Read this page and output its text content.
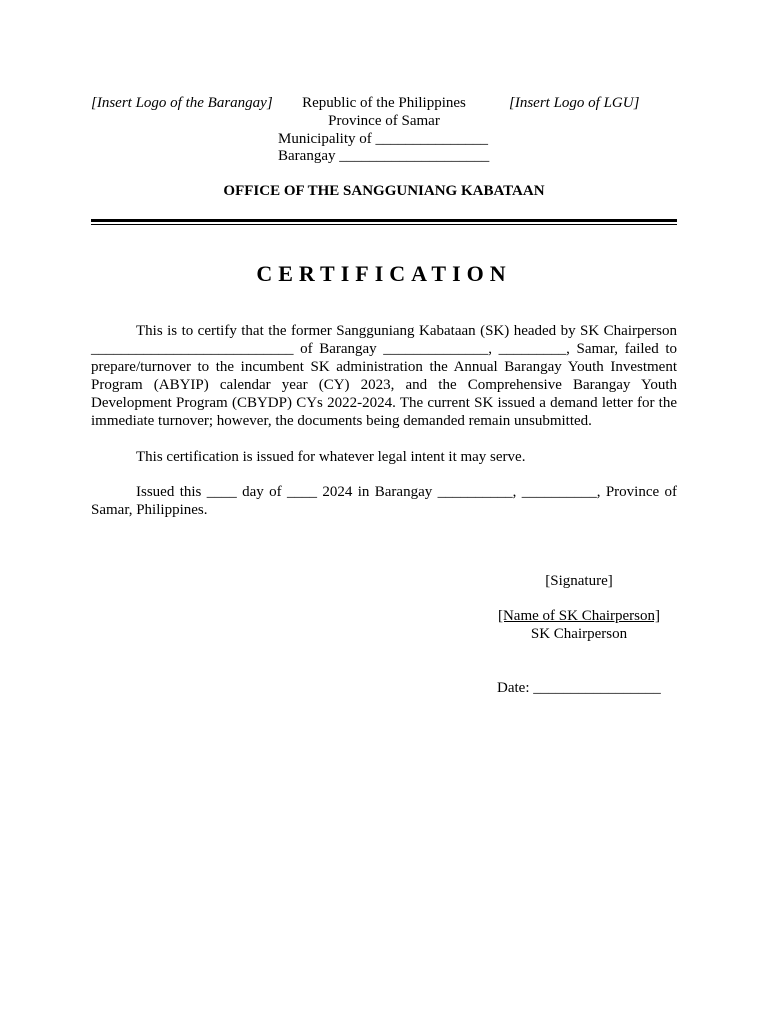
[Insert Logo of the Barangay]	[Insert Logo of LGU]
Republic of the Philippines
Province of Samar
Municipality of _______________
Barangay ____________________
OFFICE OF THE SANGGUNIANG KABATAAN
CERTIFICATION

This is to certify that the former Sangguniang Kabataan (SK) headed by SK Chairperson ___________________________ of Barangay ______________, _________, Samar, failed to prepare/turnover to the incumbent SK administration the Annual Barangay Youth Investment Program (ABYIP) calendar year (CY) 2023, and the Comprehensive Barangay Youth Development Program (CBYDP) CYs 2022-2024. The current SK issued a demand letter for the immediate turnover; however, the documents being demanded remain unsubmitted.

This certification is issued for whatever legal intent it may serve.

Issued this ____ day of ____ 2024 in Barangay __________, __________, Province of Samar, Philippines.

[Signature]
[Name of SK Chairperson]
SK Chairperson
Date: _________________
